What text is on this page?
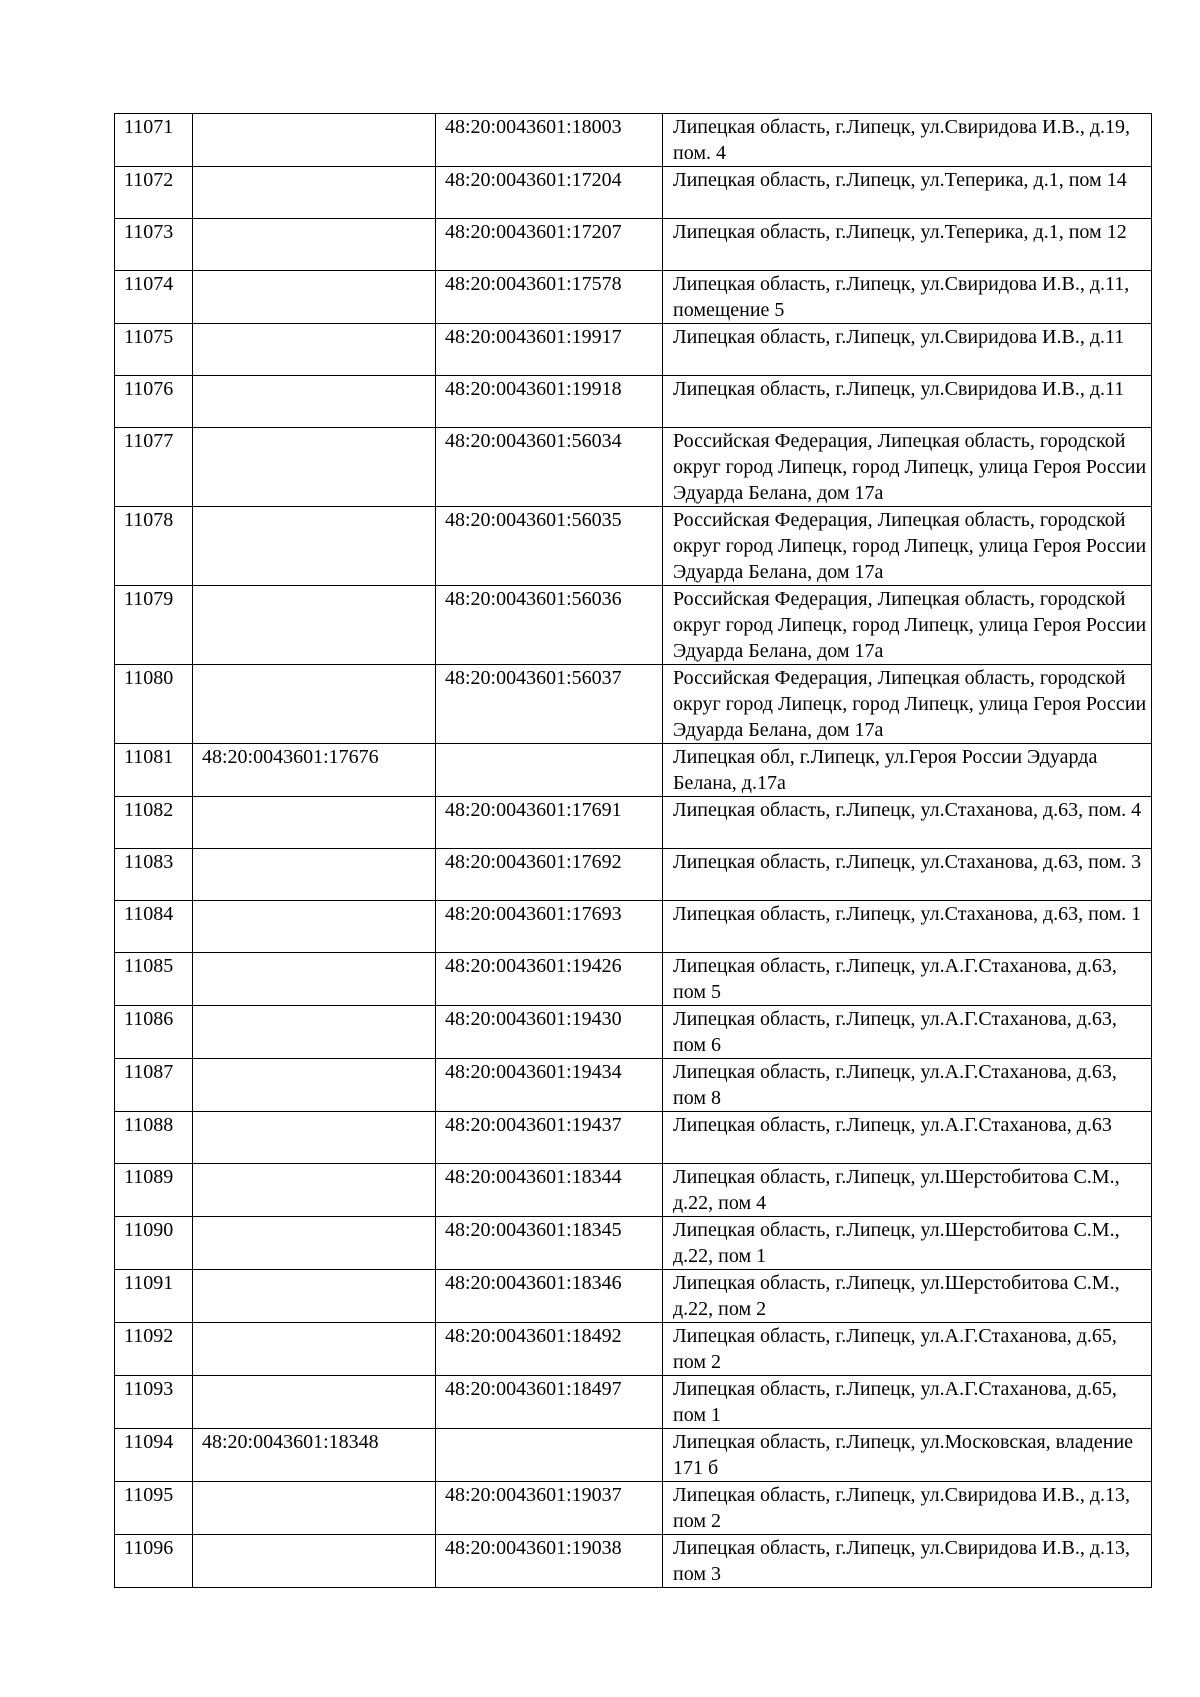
11071		48:20:0043601:18003	Липецкая область, г.Липецк, ул.Свиридова И.В., д.19, пом. 4
11072		48:20:0043601:17204	Липецкая область, г.Липецк, ул.Теперика, д.1, пом 14
11073		48:20:0043601:17207	Липецкая область, г.Липецк, ул.Теперика, д.1, пом 12
11074		48:20:0043601:17578	Липецкая область, г.Липецк, ул.Свиридова И.В., д.11, помещение 5
11075		48:20:0043601:19917	Липецкая область, г.Липецк, ул.Свиридова И.В., д.11
11076		48:20:0043601:19918	Липецкая область, г.Липецк, ул.Свиридова И.В., д.11
11077		48:20:0043601:56034	Российская Федерация, Липецкая область, городской округ город Липецк, город Липецк, улица Героя России Эдуарда Белана, дом 17а
11078		48:20:0043601:56035	Российская Федерация, Липецкая область, городской округ город Липецк, город Липецк, улица Героя России Эдуарда Белана, дом 17а
11079		48:20:0043601:56036	Российская Федерация, Липецкая область, городской округ город Липецк, город Липецк, улица Героя России Эдуарда Белана, дом 17а
11080		48:20:0043601:56037	Российская Федерация, Липецкая область, городской округ город Липецк, город Липецк, улица Героя России Эдуарда Белана, дом 17а
11081	48:20:0043601:17676		Липецкая обл, г.Липецк, ул.Героя России Эдуарда Белана, д.17а
11082		48:20:0043601:17691	Липецкая область, г.Липецк, ул.Стаханова, д.63, пом. 4
11083		48:20:0043601:17692	Липецкая область, г.Липецк, ул.Стаханова, д.63, пом. 3
11084		48:20:0043601:17693	Липецкая область, г.Липецк, ул.Стаханова, д.63, пом. 1
11085		48:20:0043601:19426	Липецкая область, г.Липецк, ул.А.Г.Стаханова, д.63, пом 5
11086		48:20:0043601:19430	Липецкая область, г.Липецк, ул.А.Г.Стаханова, д.63, пом 6
11087		48:20:0043601:19434	Липецкая область, г.Липецк, ул.А.Г.Стаханова, д.63, пом 8
11088		48:20:0043601:19437	Липецкая область, г.Липецк, ул.А.Г.Стаханова, д.63
11089		48:20:0043601:18344	Липецкая область, г.Липецк, ул.Шерстобитова С.М., д.22, пом 4
11090		48:20:0043601:18345	Липецкая область, г.Липецк, ул.Шерстобитова С.М., д.22, пом 1
11091		48:20:0043601:18346	Липецкая область, г.Липецк, ул.Шерстобитова С.М., д.22, пом 2
11092		48:20:0043601:18492	Липецкая область, г.Липецк, ул.А.Г.Стаханова, д.65, пом 2
11093		48:20:0043601:18497	Липецкая область, г.Липецк, ул.А.Г.Стаханова, д.65, пом 1
11094	48:20:0043601:18348		Липецкая область, г.Липецк, ул.Московская, владение 171 б
11095		48:20:0043601:19037	Липецкая область, г.Липецк, ул.Свиридова И.В., д.13, пом 2
11096		48:20:0043601:19038	Липецкая область, г.Липецк, ул.Свиридова И.В., д.13, пом 3
